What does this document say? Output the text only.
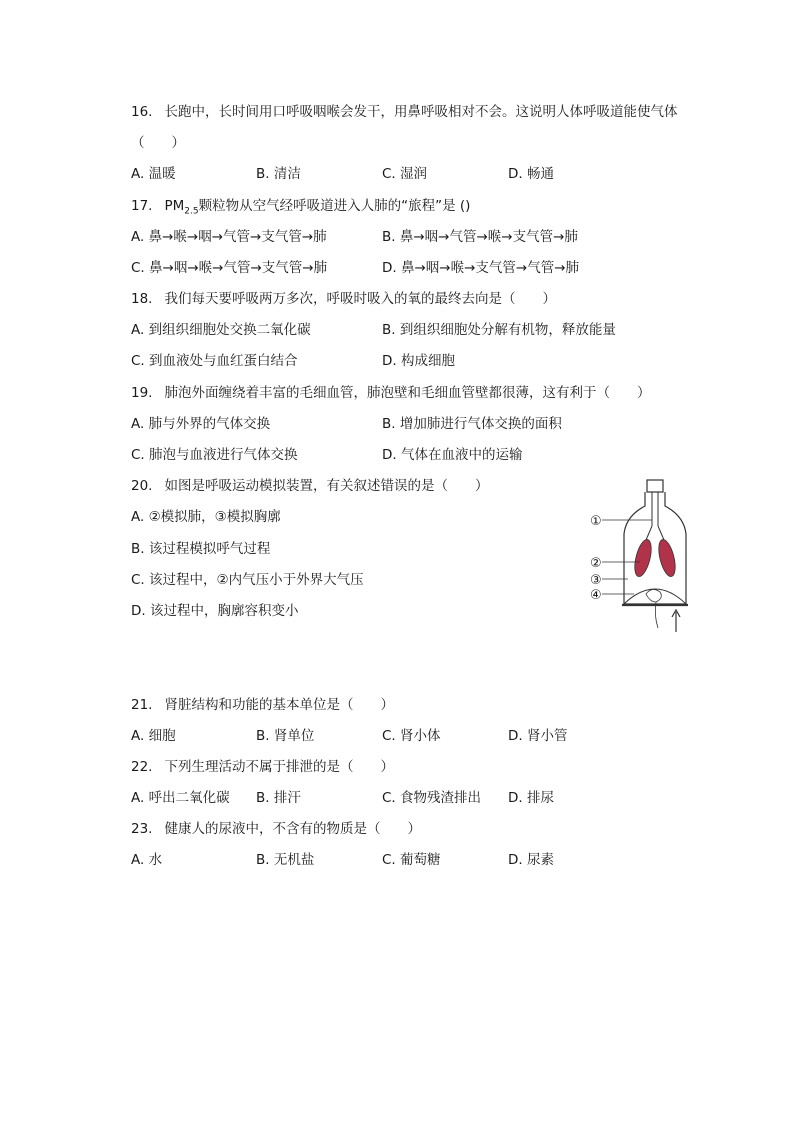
16. 长跑中，长时间用口呼吸咽喉会发干，用鼻呼吸相对不会。这说明人体呼吸道能使气体
（　　）
A. 温暖	B. 清洁	C. 湿润	D. 畅通
17. $PM_{2.5}$颗粒物从空气经呼吸道进入人肺的“旅程”是 ()
A. 鼻→喉→咽→气管→支气管→肺	B. 鼻→咽→气管→喉→支气管→肺
C. 鼻→咽→喉→气管→支气管→肺	D. 鼻→咽→喉→支气管→气管→肺
18. 我们每天要呼吸两万多次，呼吸时吸入的氧的最终去向是（　　）
A. 到组织细胞处交换二氧化碳	B. 到组织细胞处分解有机物，释放能量
C. 到血液处与血红蛋白结合	D. 构成细胞
19. 肺泡外面缠绕着丰富的毛细血管，肺泡壁和毛细血管壁都很薄，这有利于（　　）
A. 肺与外界的气体交换	B. 增加肺进行气体交换的面积
C. 肺泡与血液进行气体交换	D. 气体在血液中的运输
20. 如图是呼吸运动模拟装置，有关叙述错误的是（　　）
A. ②模拟肺，③模拟胸廓
B. 该过程模拟呼气过程
C. 该过程中，②内气压小于外界大气压
D. 该过程中，胸廓容积变小
①
②
③
④
21. 肾脏结构和功能的基本单位是（　　）
A. 细胞	B. 肾单位	C. 肾小体	D. 肾小管
22. 下列生理活动不属于排泄的是（　　）
A. 呼出二氧化碳 B. 排汗	C. 食物残渣排出 D. 排尿
23. 健康人的尿液中，不含有的物质是（　　）
A. 水	B. 无机盐	C. 葡萄糖	D. 尿素
